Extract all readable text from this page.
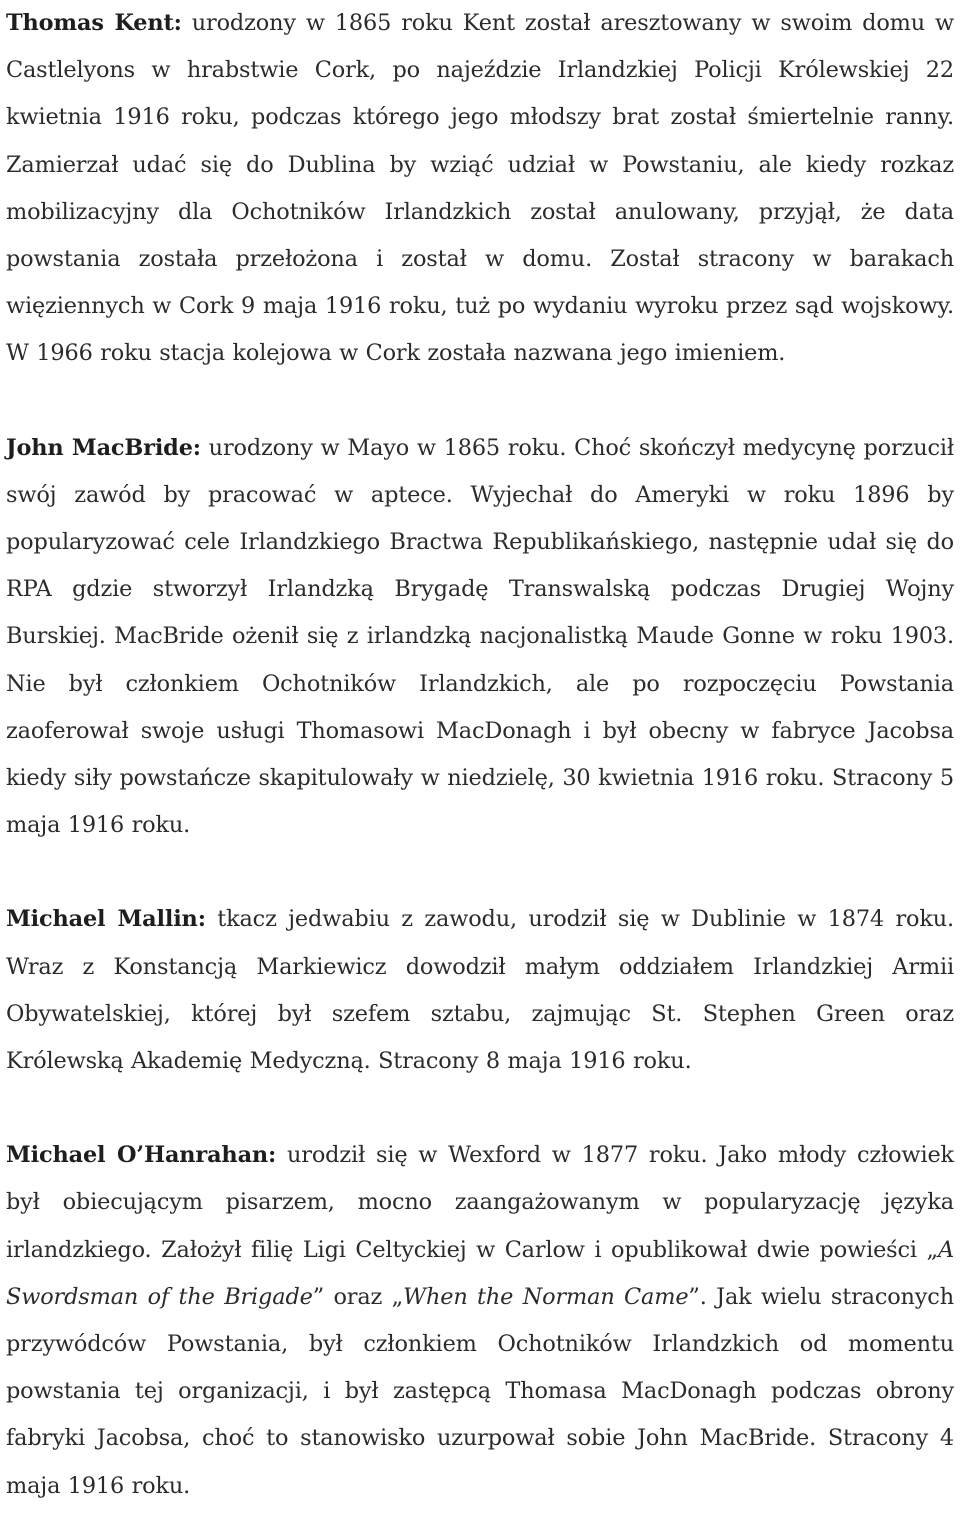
Thomas Kent: urodzony w 1865 roku Kent został aresztowany w swoim domu w Castlelyons w hrabstwie Cork, po najeździe Irlandzkiej Policji Królewskiej 22 kwietnia 1916 roku, podczas którego jego młodszy brat został śmiertelnie ranny. Zamierzał udać się do Dublina by wziąć udział w Powstaniu, ale kiedy rozkaz mobilizacyjny dla Ochotników Irlandzkich został anulowany, przyjął, że data powstania została przełożona i został w domu. Został stracony w barakach więziennych w Cork 9 maja 1916 roku, tuż po wydaniu wyroku przez sąd wojskowy. W 1966 roku stacja kolejowa w Cork została nazwana jego imieniem.

John MacBride: urodzony w Mayo w 1865 roku. Choć skończył medycynę porzucił swój zawód by pracować w aptece. Wyjechał do Ameryki w roku 1896 by popularyzować cele Irlandzkiego Bractwa Republikańskiego, następnie udał się do RPA gdzie stworzył Irlandzką Brygadę Transwalską podczas Drugiej Wojny Burskiej. MacBride ożenił się z irlandzką nacjonalistką Maude Gonne w roku 1903. Nie był członkiem Ochotników Irlandzkich, ale po rozpoczęciu Powstania zaoferował swoje usługi Thomasowi MacDonagh i był obecny w fabryce Jacobsa kiedy siły powstańcze skapitulowały w niedzielę, 30 kwietnia 1916 roku. Stracony 5 maja 1916 roku.

Michael Mallin: tkacz jedwabiu z zawodu, urodził się w Dublinie w 1874 roku. Wraz z Konstancją Markiewicz dowodził małym oddziałem Irlandzkiej Armii Obywatelskiej, której był szefem sztabu, zajmując St. Stephen Green oraz Królewską Akademię Medyczną. Stracony 8 maja 1916 roku.

Michael O’Hanrahan: urodził się w Wexford w 1877 roku. Jako młody człowiek był obiecującym pisarzem, mocno zaangażowanym w popularyzację języka irlandzkiego. Założył filię Ligi Celtyckiej w Carlow i opublikował dwie powieści „A Swordsman of the Brigade” oraz „When the Norman Came”. Jak wielu straconych przywódców Powstania, był członkiem Ochotników Irlandzkich od momentu powstania tej organizacji, i był zastępcą Thomasa MacDonagh podczas obrony fabryki Jacobsa, choć to stanowisko uzurpował sobie John MacBride. Stracony 4 maja 1916 roku.
